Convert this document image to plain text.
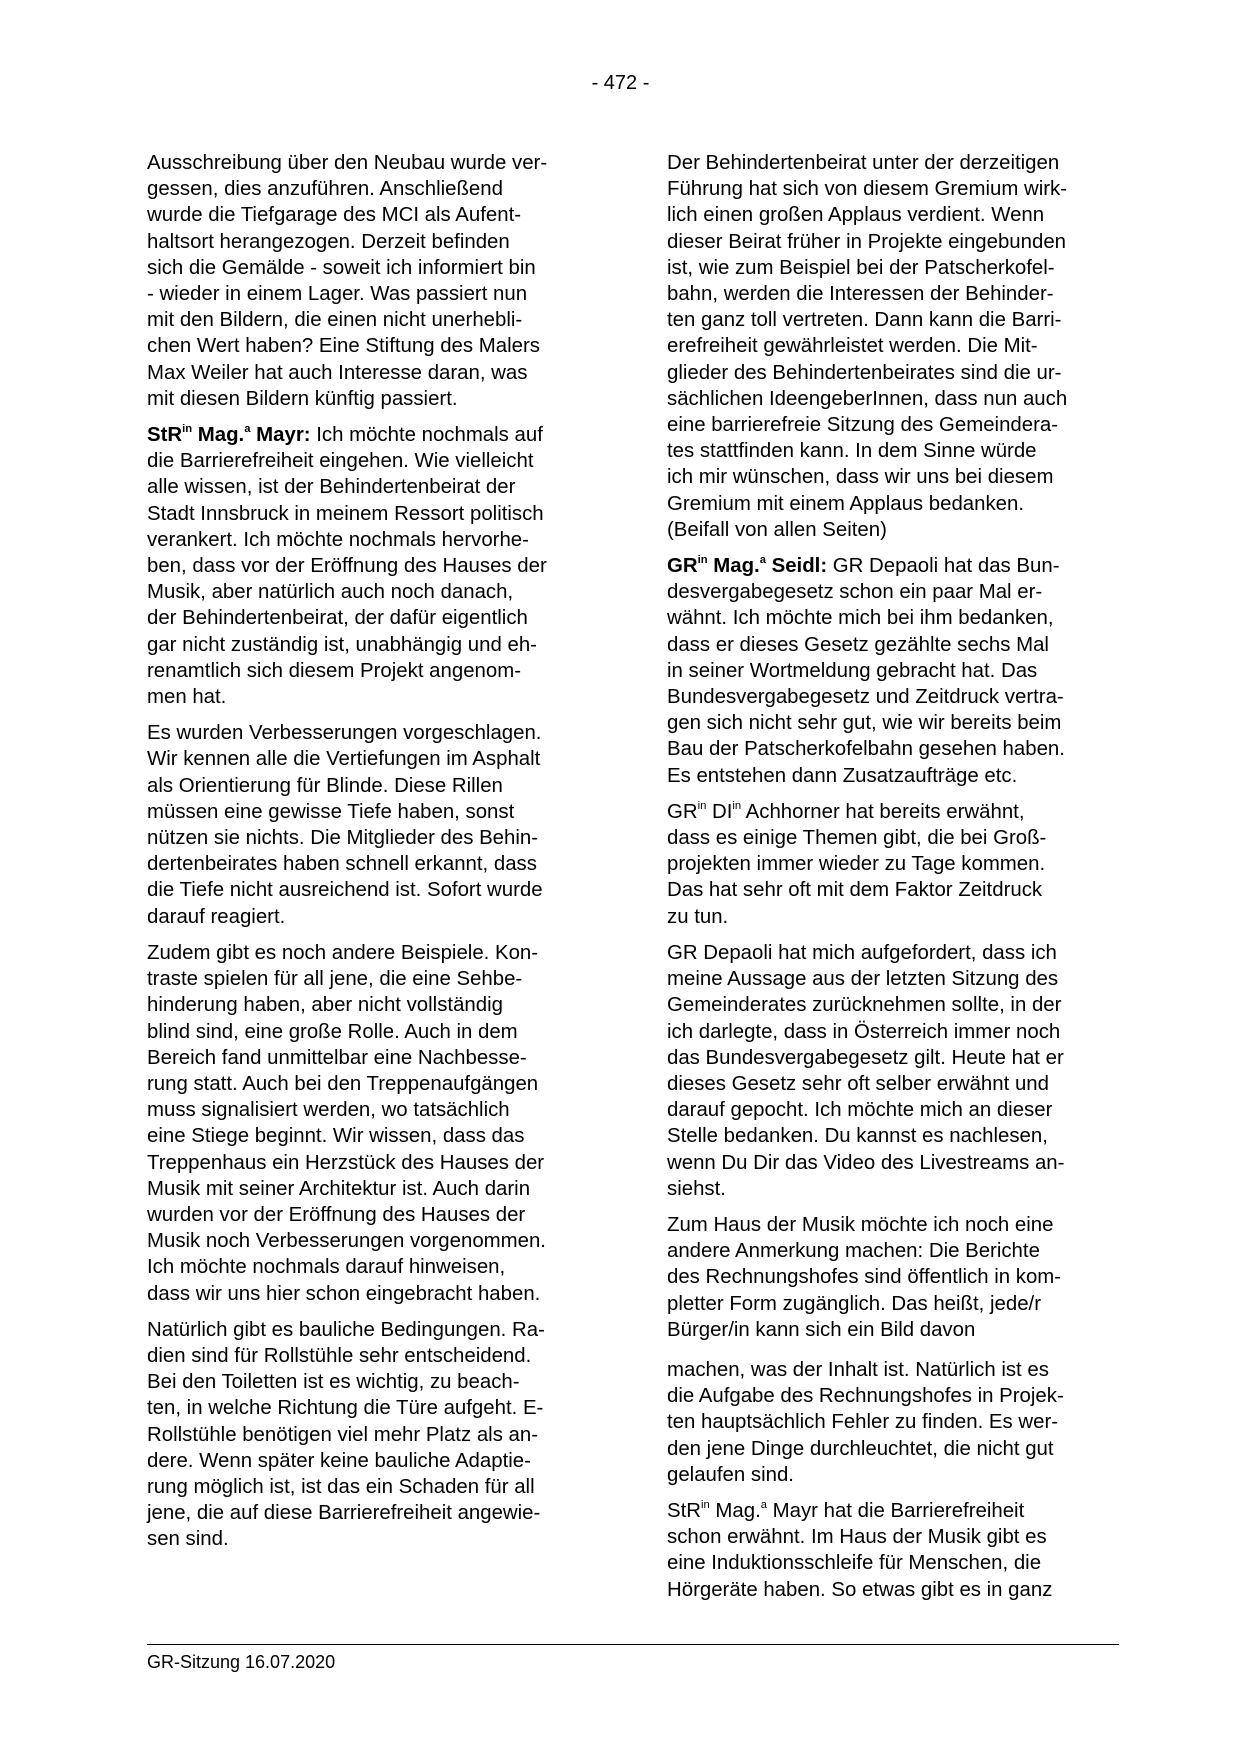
- 472 -

Ausschreibung über den Neubau wurde ver-
gessen, dies anzuführen. Anschließend
wurde die Tiefgarage des MCI als Aufent-
haltsort herangezogen. Derzeit befinden
sich die Gemälde - soweit ich informiert bin
- wieder in einem Lager. Was passiert nun
mit den Bildern, die einen nicht unerhebli-
chen Wert haben? Eine Stiftung des Malers
Max Weiler hat auch Interesse daran, was
mit diesen Bildern künftig passiert.

StR$^{in}$ Mag.$^a$ Mayr: Ich möchte nochmals auf
die Barrierefreiheit eingehen. Wie vielleicht
alle wissen, ist der Behindertenbeirat der
Stadt Innsbruck in meinem Ressort politisch
verankert. Ich möchte nochmals hervorhe-
ben, dass vor der Eröffnung des Hauses der
Musik, aber natürlich auch noch danach,
der Behindertenbeirat, der dafür eigentlich
gar nicht zuständig ist, unabhängig und eh-
renamtlich sich diesem Projekt angenom-
men hat.

Es wurden Verbesserungen vorgeschlagen.
Wir kennen alle die Vertiefungen im Asphalt
als Orientierung für Blinde. Diese Rillen
müssen eine gewisse Tiefe haben, sonst
nützen sie nichts. Die Mitglieder des Behin-
dertenbeirates haben schnell erkannt, dass
die Tiefe nicht ausreichend ist. Sofort wurde
darauf reagiert.

Zudem gibt es noch andere Beispiele. Kon-
traste spielen für all jene, die eine Sehbe-
hinderung haben, aber nicht vollständig
blind sind, eine große Rolle. Auch in dem
Bereich fand unmittelbar eine Nachbesse-
rung statt. Auch bei den Treppenaufgängen
muss signalisiert werden, wo tatsächlich
eine Stiege beginnt. Wir wissen, dass das
Treppenhaus ein Herzstück des Hauses der
Musik mit seiner Architektur ist. Auch darin
wurden vor der Eröffnung des Hauses der
Musik noch Verbesserungen vorgenommen.
Ich möchte nochmals darauf hinweisen,
dass wir uns hier schon eingebracht haben.

Natürlich gibt es bauliche Bedingungen. Ra-
dien sind für Rollstühle sehr entscheidend.
Bei den Toiletten ist es wichtig, zu beach-
ten, in welche Richtung die Türe aufgeht. E-
Rollstühle benötigen viel mehr Platz als an-
dere. Wenn später keine bauliche Adaptie-
rung möglich ist, ist das ein Schaden für all
jene, die auf diese Barrierefreiheit angewie-
sen sind.

Der Behindertenbeirat unter der derzeitigen
Führung hat sich von diesem Gremium wirk-
lich einen großen Applaus verdient. Wenn
dieser Beirat früher in Projekte eingebunden
ist, wie zum Beispiel bei der Patscherkofel-
bahn, werden die Interessen der Behinder-
ten ganz toll vertreten. Dann kann die Barri-
erefreiheit gewährleistet werden. Die Mit-
glieder des Behindertenbeirates sind die ur-
sächlichen IdeengeberInnen, dass nun auch
eine barrierefreie Sitzung des Gemeindera-
tes stattfinden kann. In dem Sinne würde
ich mir wünschen, dass wir uns bei diesem
Gremium mit einem Applaus bedanken.
(Beifall von allen Seiten)

$GR^{in}$ Mag.$^a$ Seidl: GR Depaoli hat das Bun-
desvergabegesetz schon ein paar Mal er-
wähnt. Ich möchte mich bei ihm bedanken,
dass er dieses Gesetz gezählte sechs Mal
in seiner Wortmeldung gebracht hat. Das
Bundesvergabegesetz und Zeitdruck vertra-
gen sich nicht sehr gut, wie wir bereits beim
Bau der Patscherkofelbahn gesehen haben.
Es entstehen dann Zusatzaufträge etc.

$GR^{in}$ $DI^{in}$ Achhorner hat bereits erwähnt,
dass es einige Themen gibt, die bei Groß-
projekten immer wieder zu Tage kommen.
Das hat sehr oft mit dem Faktor Zeitdruck
zu tun.

GR Depaoli hat mich aufgefordert, dass ich
meine Aussage aus der letzten Sitzung des
Gemeinderates zurücknehmen sollte, in der
ich darlegte, dass in Österreich immer noch
das Bundesvergabegesetz gilt. Heute hat er
dieses Gesetz sehr oft selber erwähnt und
darauf gepocht. Ich möchte mich an dieser
Stelle bedanken. Du kannst es nachlesen,
wenn Du Dir das Video des Livestreams an-
siehst.

Zum Haus der Musik möchte ich noch eine
andere Anmerkung machen: Die Berichte
des Rechnungshofes sind öffentlich in kom-
pletter Form zugänglich. Das heißt, jede/r
Bürger/in kann sich ein Bild davon

machen, was der Inhalt ist. Natürlich ist es
die Aufgabe des Rechnungshofes in Projek-
ten hauptsächlich Fehler zu finden. Es wer-
den jene Dinge durchleuchtet, die nicht gut
gelaufen sind.

StR$^{in}$ Mag.$^a$ Mayr hat die Barrierefreiheit
schon erwähnt. Im Haus der Musik gibt es
eine Induktionsschleife für Menschen, die
Hörgeräte haben. So etwas gibt es in ganz

GR-Sitzung 16.07.2020
